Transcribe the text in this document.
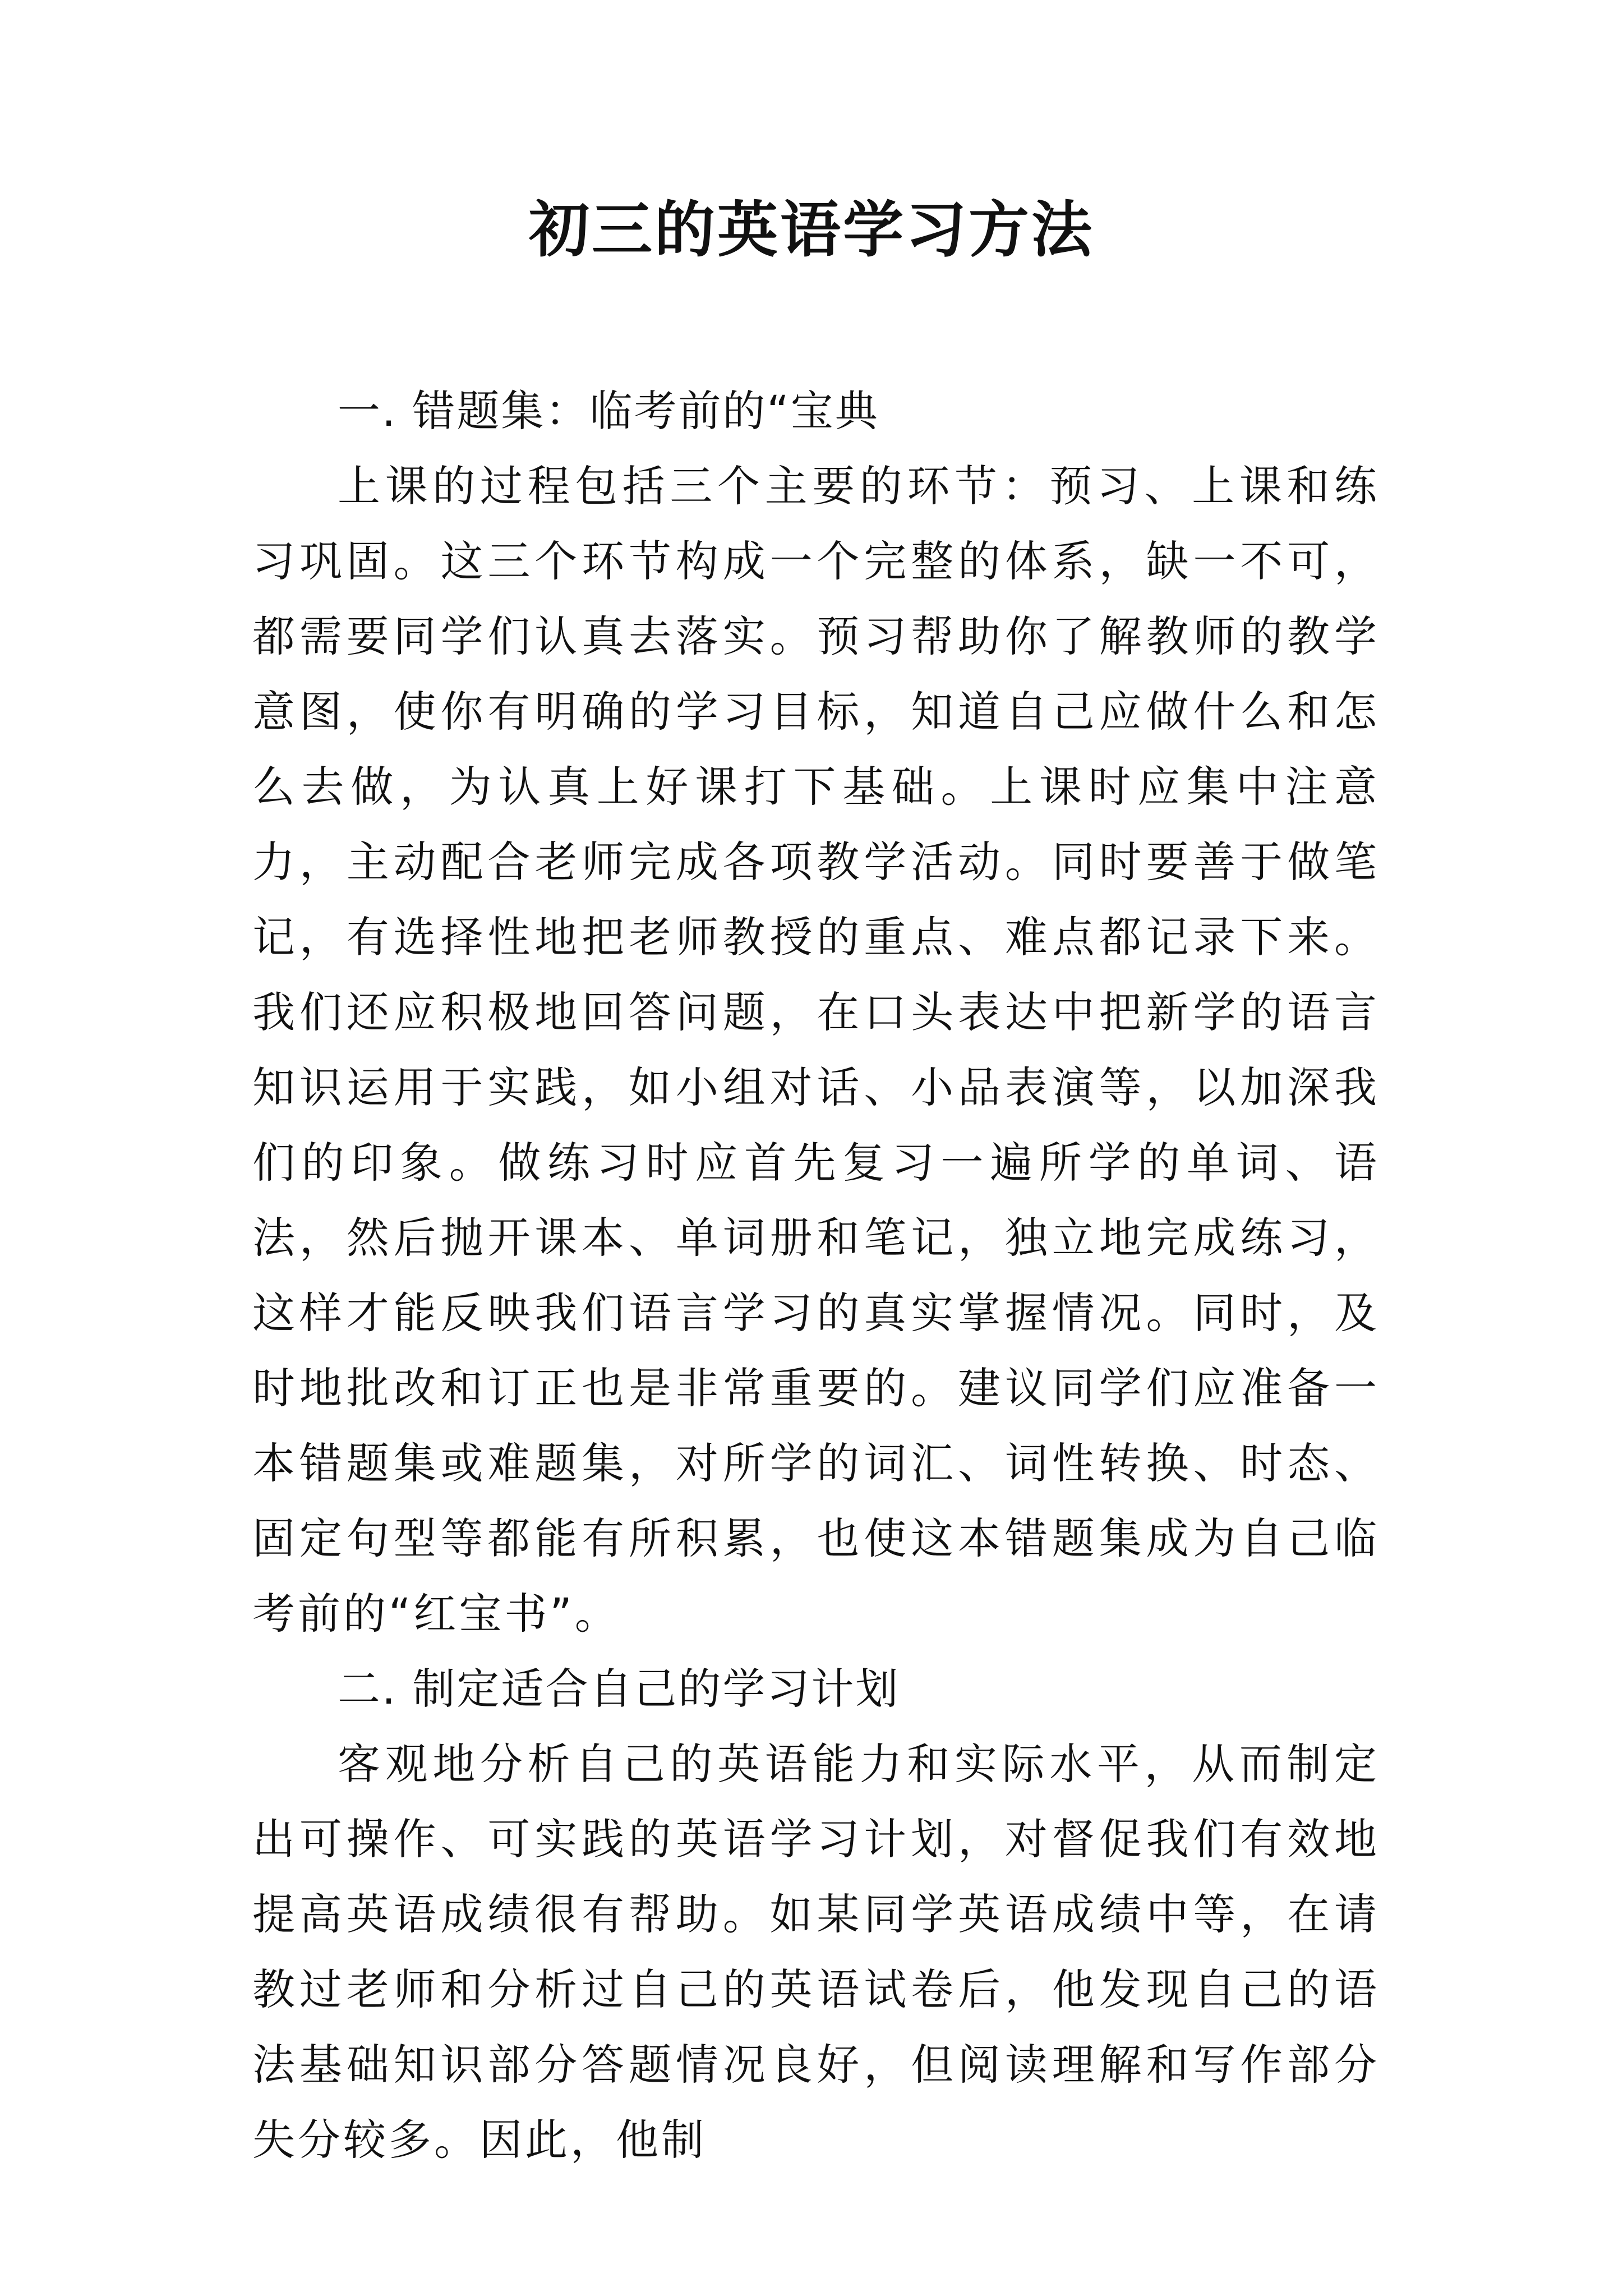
初三的英语学习方法

一. 错题集：临考前的“宝典

上课的过程包括三个主要的环节：预习、上课和练习巩固。这三个环节构成一个完整的体系，缺一不可，都需要同学们认真去落实。预习帮助你了解教师的教学意图，使你有明确的学习目标，知道自己应做什么和怎么去做，为认真上好课打下基础。上课时应集中注意力，主动配合老师完成各项教学活动。同时要善于做笔记，有选择性地把老师教授的重点、难点都记录下来。我们还应积极地回答问题，在口头表达中把新学的语言知识运用于实践，如小组对话、小品表演等，以加深我们的印象。做练习时应首先复习一遍所学的单词、语法，然后抛开课本、单词册和笔记，独立地完成练习，这样才能反映我们语言学习的真实掌握情况。同时，及时地批改和订正也是非常重要的。建议同学们应准备一本错题集或难题集，对所学的词汇、词性转换、时态、固定句型等都能有所积累，也使这本错题集成为自己临考前的“红宝书”。

二. 制定适合自己的学习计划

客观地分析自己的英语能力和实际水平，从而制定出可操作、可实践的英语学习计划，对督促我们有效地提高英语成绩很有帮助。如某同学英语成绩中等，在请教过老师和分析过自己的英语试卷后，他发现自己的语法基础知识部分答题情况良好，但阅读理解和写作部分失分较多。因此，他制
